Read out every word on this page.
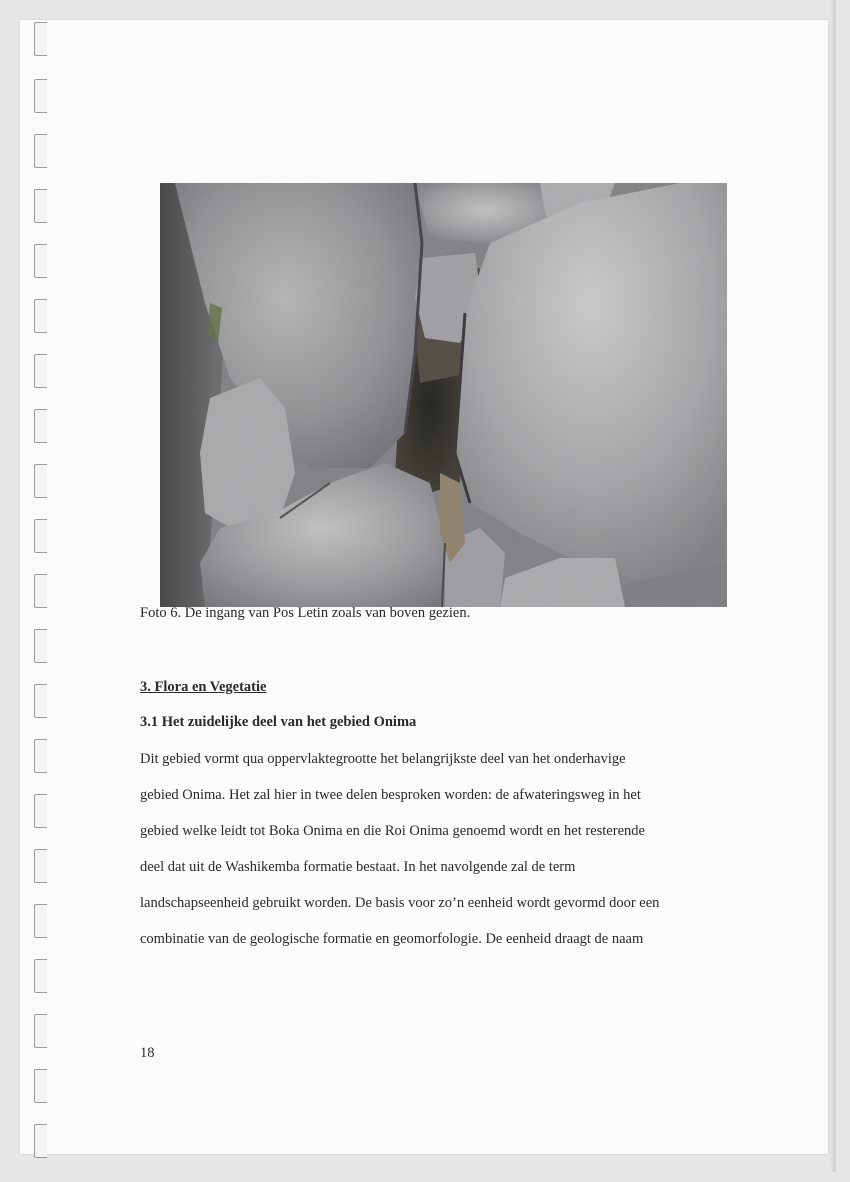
Foto 6. De ingang van Pos Letin zoals van boven gezien.
3. Flora en Vegetatie
3.1 Het zuidelijke deel van het gebied Onima
Dit gebied vormt qua oppervlaktegrootte het belangrijkste deel van het onderhavige
gebied Onima. Het zal hier in twee delen besproken worden: de afwateringsweg in het
gebied welke leidt tot Boka Onima en die Roi Onima genoemd wordt en het resterende
deel dat uit de Washikemba formatie bestaat. In het navolgende zal de term
landschapseenheid gebruikt worden. De basis voor zo’n eenheid wordt gevormd door een
combinatie van de geologische formatie en geomorfologie. De eenheid draagt de naam
18
